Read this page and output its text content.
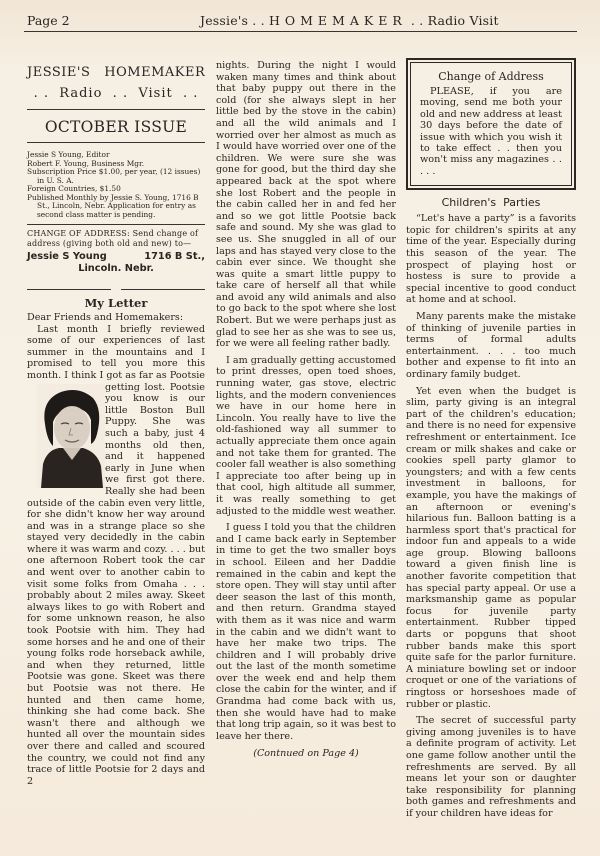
Page 2	Jessie's . . HOMEMAKER . . Radio Visit
JESSIE'S   HOMEMAKER
. .  Radio  . .  Visit  . .
OCTOBER ISSUE
Jessie S Young, Editor
Robert F. Young, Business Mgr.
Subscription Price $1.00, per year, (12 issues) in U. S. A.
Foreign Countries, $1.50
Published Monthly by Jessie S. Young, 1716 B St., Lincoln, Nebr. Application for entry as second class matter is pending.
CHANGE OF ADDRESS: Send change of address (giving both old and new) to—
Jessie S Young	1716 B St.,
Lincoln. Nebr.
My Letter

Dear Friends and Homemakers:

Last month I briefly reviewed some of our experiences of last summer in the mountains and I promised to tell you more this month. I think I got as far as
Pootsie getting lost. Pootsie you know is our little Boston Bull Puppy. She was such a baby, just 4 months old then, and it happened early in June when we first got there. Really she had been outside of the cabin even very little, for she didn't know her way around and was in a strange place so she stayed very decidedly in the cabin where it was warm and cozy. . . . but one afternoon Robert took the car and went over to another cabin to visit some folks from Omaha . . . probably about 2 miles away. Skeet always likes to go with Robert and for some unknown reason, he also took Pootsie with him. They had some horses and he and one of their young folks rode horseback awhile, and when they returned, little Pootsie was gone. Skeet was there but Pootsie was not there. He hunted and then came home, thinking she had come back. She wasn't there and although we hunted all over the mountain sides over there and called and scoured the country, we could not find any trace of little Pootsie for 2 days and 2

nights. During the night I would waken many times and think about that baby puppy out there in the cold (for she always slept in her little bed by the stove in the cabin) and all the wild animals and I worried over her almost as much as I would have worried over one of the children. We were sure she was gone for good, but the third day she appeared back at the spot where she lost Robert and the people in the cabin called her in and fed her and so we got little Pootsie back safe and sound. My she was glad to see us. She snuggled in all of our laps and has stayed very close to the cabin ever since. We thought she was quite a smart little puppy to take care of herself all that while and avoid any wild animals and also to go back to the spot where she lost Robert. But we were perhaps just as glad to see her as she was to see us, for we were all feeling rather badly.

I am gradually getting accustomed to print dresses, open toed shoes, running water, gas stove, electric lights, and the modern conveniences we have in our home here in Lincoln. You really have to live the old-fashioned way all summer to actually appreciate them once again and not take them for granted. The cooler fall weather is also something I appreciate too after being up in that cool, high altitude all summer, it was really something to get adjusted to the middle west weather.

I guess I told you that the children and I came back early in September in time to get the two smaller boys in school. Eileen and her Daddie remained in the cabin and kept the store open. They will stay until after deer season the last of this month, and then return. Grandma stayed with them as it was nice and warm in the cabin and we didn't want to have her make two trips. The children and I will probably drive out the last of the month sometime over the week end and help them close the cabin for the winter, and if Grandma had come back with us, then she would have had to make that long trip again, so it was best to leave her there.

(Contnued on Page 4)
Change of Address

PLEASE, if you are moving, send me both your old and new address at least 30 days before the date of issue with which you wish it to take effect . . then you won't miss any magazines . . . . .

Children's  Parties

“Let's have a party” is a favorits topic for children's spirits at any time of the year. Especially during this season of the year. The prospect of playing host or hostess is sure to provide a special incentive to good conduct at home and at school.

Many parents make the mistake of thinking of juvenile parties in terms of formal adults entertainment. . . . too much bother and expense to fit into an ordinary family budget.

Yet even when the budget is slim, party giving is an integral part of the children's education; and there is no need for expensive refreshment or entertainment. Ice cream or milk shakes and cake or cookies spell party glamor to youngsters; and with a few cents investment in balloons, for example, you have the makings of an afternoon or evening's hilarious fun. Balloon batting is a harmless sport that's practical for indoor fun and appeals to a wide age group. Blowing balloons toward a given finish line is another favorite competition that has special party appeal. Or use a marksmanship game as popular focus for juvenile party entertainment. Rubber tipped darts or popguns that shoot rubber bands make this sport quite safe for the parlor furniture. A miniature bowling set or indoor croquet or one of the variations of ringtoss or horseshoes made of rubber or plastic.

The secret of successful party giving among juveniles is to have a definite program of activity. Let one game follow another until the refreshments are served. By all means let your son or daughter take responsibility for planning both games and refreshments and if your children have ideas for
